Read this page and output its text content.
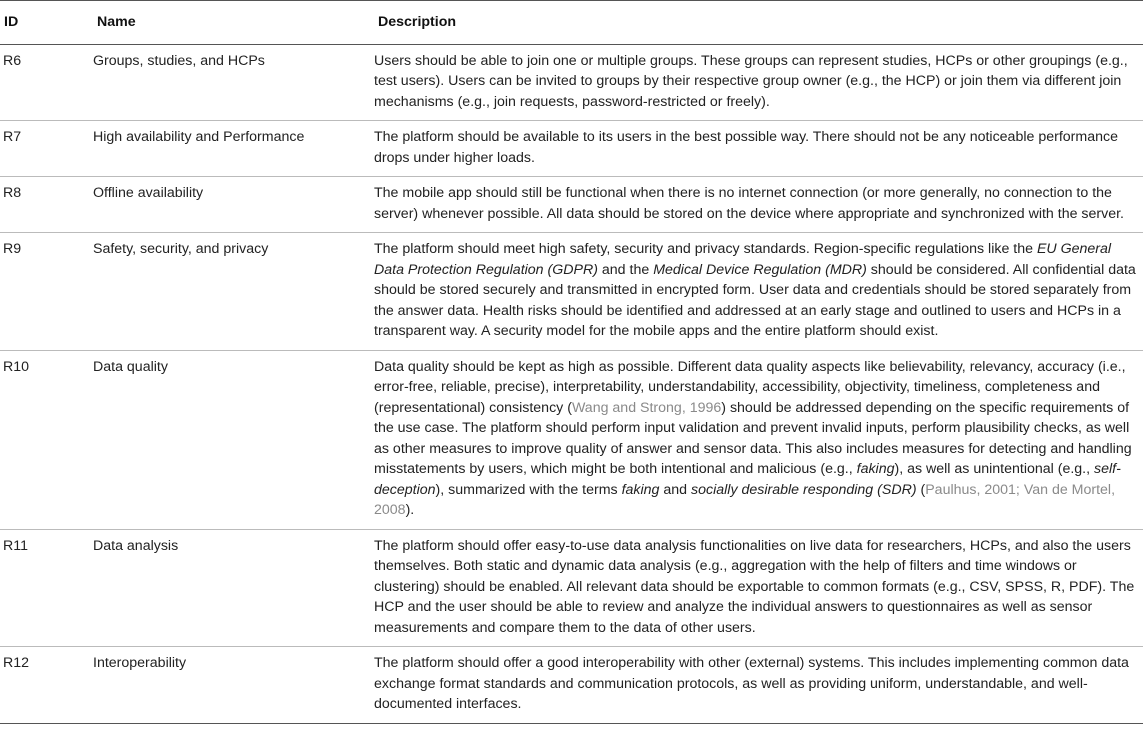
ID	Name	Description
R6	Groups, studies, and HCPs	Users should be able to join one or multiple groups. These groups can represent studies, HCPs or other groupings (e.g., test users). Users can be invited to groups by their respective group owner (e.g., the HCP) or join them via different join mechanisms (e.g., join requests, password-restricted or freely).
R7	High availability and Performance	The platform should be available to its users in the best possible way. There should not be any noticeable performance drops under higher loads.
R8	Offline availability	The mobile app should still be functional when there is no internet connection (or more generally, no connection to the server) whenever possible. All data should be stored on the device where appropriate and synchronized with the server.
R9	Safety, security, and privacy	The platform should meet high safety, security and privacy standards. Region-specific regulations like the EU General Data Protection Regulation (GDPR) and the Medical Device Regulation (MDR) should be considered. All confidential data should be stored securely and transmitted in encrypted form. User data and credentials should be stored separately from the answer data. Health risks should be identified and addressed at an early stage and outlined to users and HCPs in a transparent way. A security model for the mobile apps and the entire platform should exist.
R10	Data quality	Data quality should be kept as high as possible. Different data quality aspects like believability, relevancy, accuracy (i.e., error-free, reliable, precise), interpretability, understandability, accessibility, objectivity, timeliness, completeness and (representational) consistency (Wang and Strong, 1996) should be addressed depending on the specific requirements of the use case. The platform should perform input validation and prevent invalid inputs, perform plausibility checks, as well as other measures to improve quality of answer and sensor data. This also includes measures for detecting and handling misstatements by users, which might be both intentional and malicious (e.g., faking), as well as unintentional (e.g., self-deception), summarized with the terms faking and socially desirable responding (SDR) (Paulhus, 2001; Van de Mortel, 2008).
R11	Data analysis	The platform should offer easy-to-use data analysis functionalities on live data for researchers, HCPs, and also the users themselves. Both static and dynamic data analysis (e.g., aggregation with the help of filters and time windows or clustering) should be enabled. All relevant data should be exportable to common formats (e.g., CSV, SPSS, R, PDF). The HCP and the user should be able to review and analyze the individual answers to questionnaires as well as sensor measurements and compare them to the data of other users.
R12	Interoperability	The platform should offer a good interoperability with other (external) systems. This includes implementing common data exchange format standards and communication protocols, as well as providing uniform, understandable, and well-documented interfaces.
